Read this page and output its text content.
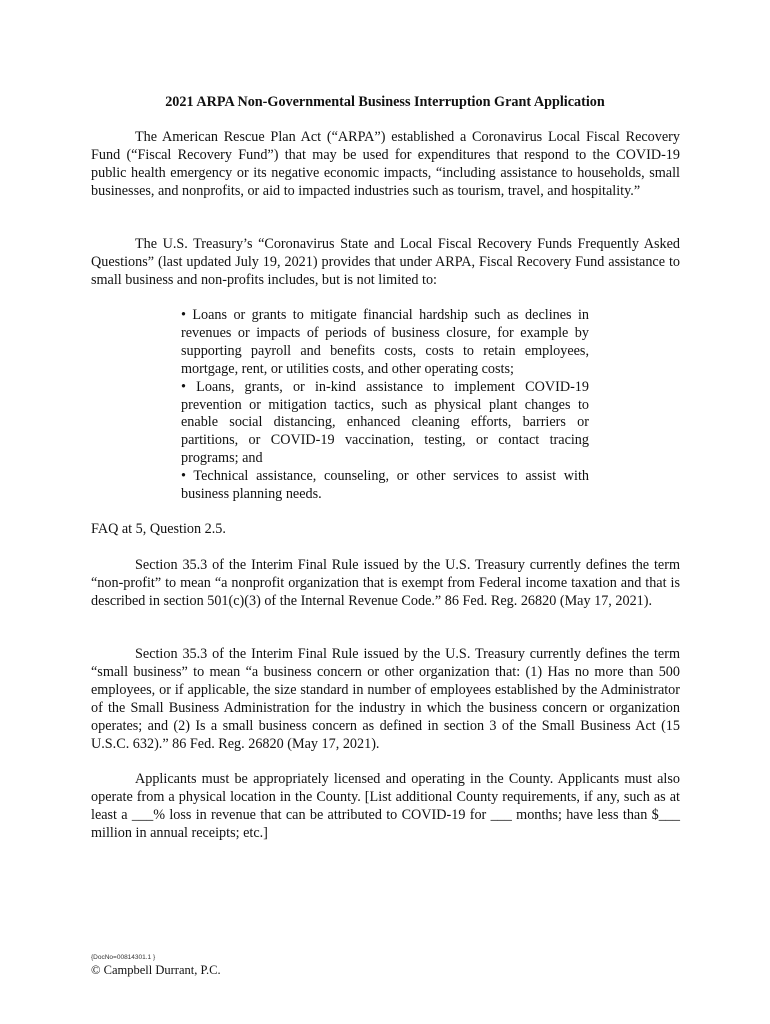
2021 ARPA Non-Governmental Business Interruption Grant Application

The American Rescue Plan Act (“ARPA”) established a Coronavirus Local Fiscal Recovery Fund (“Fiscal Recovery Fund”) that may be used for expenditures that respond to the COVID-19 public health emergency or its negative economic impacts, “including assistance to households, small businesses, and nonprofits, or aid to impacted industries such as tourism, travel, and hospitality.”

The U.S. Treasury’s “Coronavirus State and Local Fiscal Recovery Funds Frequently Asked Questions” (last updated July 19, 2021) provides that under ARPA, Fiscal Recovery Fund assistance to small business and non-profits includes, but is not limited to:

• Loans or grants to mitigate financial hardship such as declines in revenues or impacts of periods of business closure, for example by supporting payroll and benefits costs, costs to retain employees, mortgage, rent, or utilities costs, and other operating costs;
• Loans, grants, or in-kind assistance to implement COVID-19 prevention or mitigation tactics, such as physical plant changes to enable social distancing, enhanced cleaning efforts, barriers or partitions, or COVID-19 vaccination, testing, or contact tracing programs; and
• Technical assistance, counseling, or other services to assist with business planning needs.

FAQ at 5, Question 2.5.

Section 35.3 of the Interim Final Rule issued by the U.S. Treasury currently defines the term “non-profit” to mean “a nonprofit organization that is exempt from Federal income taxation and that is described in section 501(c)(3) of the Internal Revenue Code.” 86 Fed. Reg. 26820 (May 17, 2021).

Section 35.3 of the Interim Final Rule issued by the U.S. Treasury currently defines the term “small business” to mean “a business concern or other organization that: (1) Has no more than 500 employees, or if applicable, the size standard in number of employees established by the Administrator of the Small Business Administration for the industry in which the business concern or organization operates; and (2) Is a small business concern as defined in section 3 of the Small Business Act (15 U.S.C. 632).” 86 Fed. Reg. 26820 (May 17, 2021).

Applicants must be appropriately licensed and operating in the County. Applicants must also operate from a physical location in the County. [List additional County requirements, if any, such as at least a ___% loss in revenue that can be attributed to COVID-19 for ___ months; have less than $___ million in annual receipts; etc.]

{DocNo=00814301.1 }
© Campbell Durrant, P.C.
